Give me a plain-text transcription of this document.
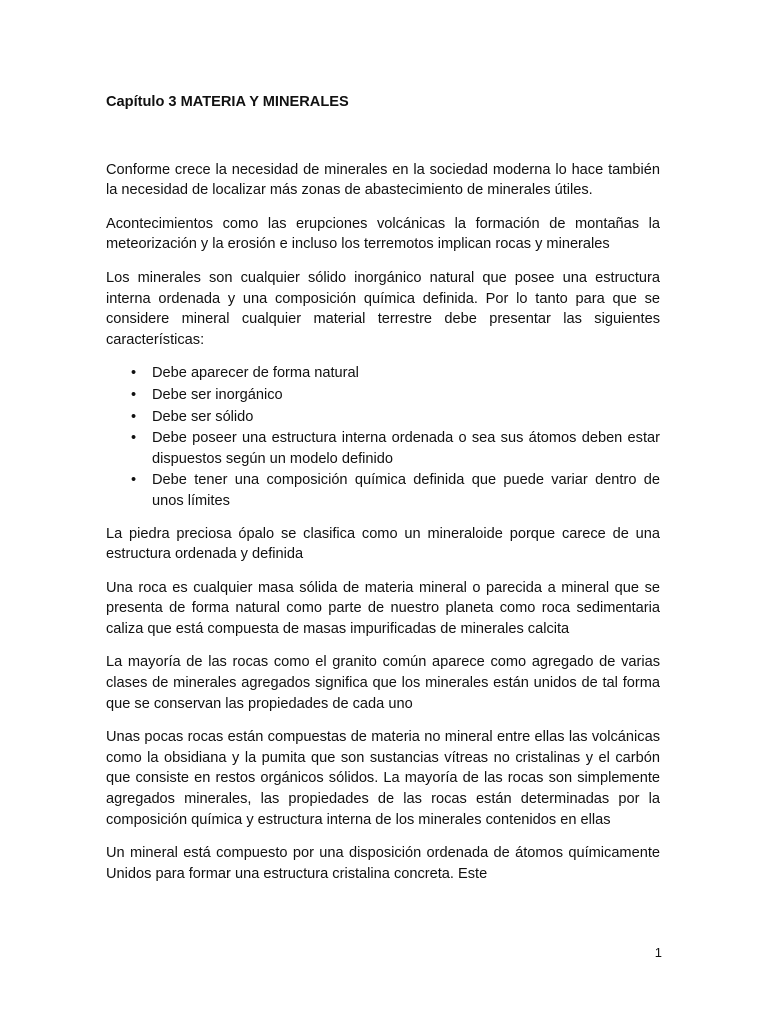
Capítulo 3 MATERIA Y MINERALES

Conforme crece la necesidad de minerales en la sociedad moderna lo hace también la necesidad de localizar más zonas de abastecimiento de minerales útiles.

Acontecimientos como las erupciones volcánicas la formación de montañas la meteorización y la erosión e incluso los terremotos implican rocas y minerales

Los minerales son cualquier sólido inorgánico natural que posee una estructura interna ordenada y una composición química definida. Por lo tanto para que se considere mineral cualquier material terrestre debe presentar las siguientes características:

• Debe aparecer de forma natural
• Debe ser inorgánico
• Debe ser sólido
• Debe poseer una estructura interna ordenada o sea sus átomos deben estar dispuestos según un modelo definido
• Debe tener una composición química definida que puede variar dentro de unos límites

La piedra preciosa ópalo se clasifica como un mineraloide porque carece de una estructura ordenada y definida

Una roca es cualquier masa sólida de materia mineral o parecida a mineral que se presenta de forma natural como parte de nuestro planeta como roca sedimentaria caliza que está compuesta de masas impurificadas de minerales calcita

La mayoría de las rocas como el granito común aparece como agregado de varias clases de minerales agregados significa que los minerales están unidos de tal forma que se conservan las propiedades de cada uno

Unas pocas rocas están compuestas de materia no mineral entre ellas las volcánicas como la obsidiana y la pumita que son sustancias vítreas no cristalinas y el carbón que consiste en restos orgánicos sólidos. La mayoría de las rocas son simplemente agregados minerales, las propiedades de las rocas están determinadas por la composición química y estructura interna de los minerales contenidos en ellas

Un mineral está compuesto por una disposición ordenada de átomos químicamente Unidos para formar una estructura cristalina concreta. Este

1
